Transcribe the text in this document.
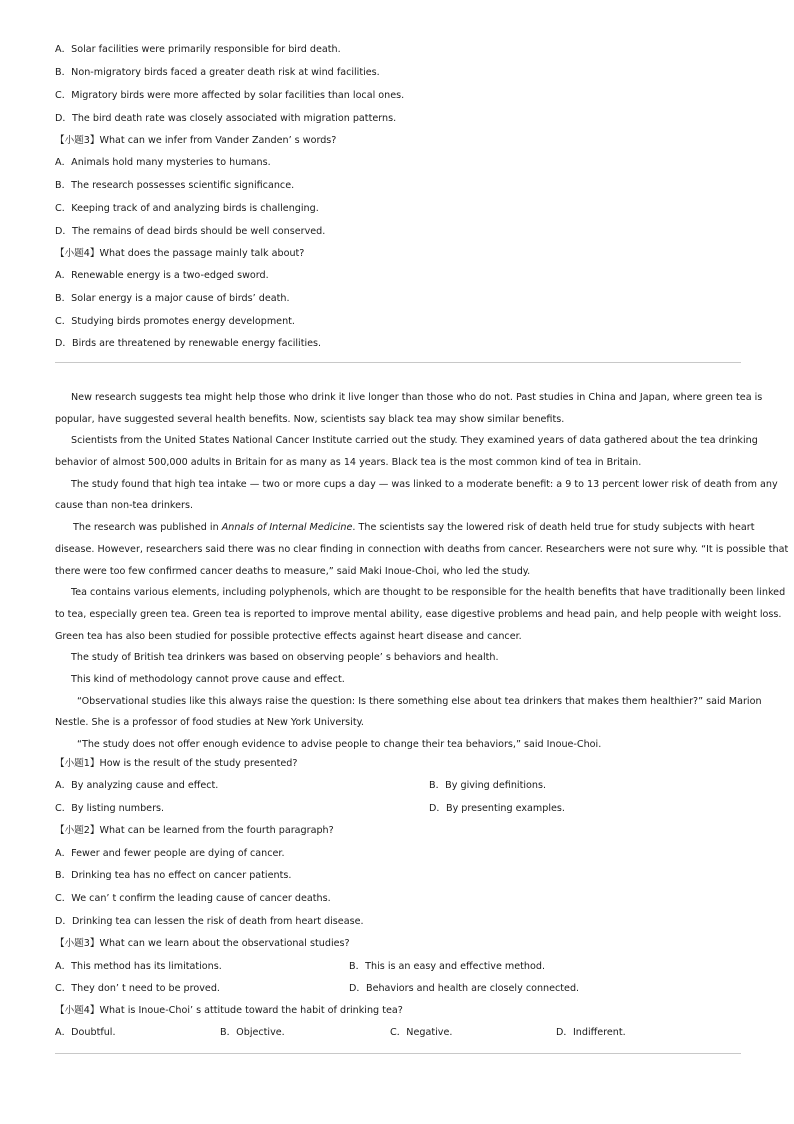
A．Solar facilities were primarily responsible for bird death.
B．Non-migratory birds faced a greater death risk at wind facilities.
C．Migratory birds were more affected by solar facilities than local ones.
D．The bird death rate was closely associated with migration patterns.
【小题3】What can we infer from Vander Zanden’ s words?
A．Animals hold many mysteries to humans.
B．The research possesses scientific significance.
C．Keeping track of and analyzing birds is challenging.
D．The remains of dead birds should be well conserved.
【小题4】What does the passage mainly talk about?
A．Renewable energy is a two-edged sword.
B．Solar energy is a major cause of birds’ death.
C．Studying birds promotes energy development.
D．Birds are threatened by renewable energy facilities.
New research suggests tea might help those who drink it live longer than those who do not. Past studies in China and Japan, where green tea is
popular, have suggested several health benefits. Now, scientists say black tea may show similar benefits.
Scientists from the United States National Cancer Institute carried out the study. They examined years of data gathered about the tea drinking
behavior of almost 500,000 adults in Britain for as many as 14 years. Black tea is the most common kind of tea in Britain.
The study found that high tea intake — two or more cups a day — was linked to a moderate benefit: a 9 to 13 percent lower risk of death from any
cause than non-tea drinkers.
The research was published in Annals of Internal Medicine. The scientists say the lowered risk of death held true for study subjects with heart
disease. However, researchers said there was no clear finding in connection with deaths from cancer. Researchers were not sure why. “It is possible that
there were too few confirmed cancer deaths to measure,” said Maki Inoue-Choi, who led the study.
Tea contains various elements, including polyphenols, which are thought to be responsible for the health benefits that have traditionally been linked
to tea, especially green tea. Green tea is reported to improve mental ability, ease digestive problems and head pain, and help people with weight loss.
Green tea has also been studied for possible protective effects against heart disease and cancer.
The study of British tea drinkers was based on observing people’ s behaviors and health.
This kind of methodology cannot prove cause and effect.
“Observational studies like this always raise the question: Is there something else about tea drinkers that makes them healthier?” said Marion
Nestle. She is a professor of food studies at New York University.
“The study does not offer enough evidence to advise people to change their tea behaviors,” said Inoue-Choi.
【小题1】How is the result of the study presented?
A．By analyzing cause and effect.	B．By giving definitions.
C．By listing numbers.	D．By presenting examples.
【小题2】What can be learned from the fourth paragraph?
A．Fewer and fewer people are dying of cancer.
B．Drinking tea has no effect on cancer patients.
C．We can’ t confirm the leading cause of cancer deaths.
D．Drinking tea can lessen the risk of death from heart disease.
【小题3】What can we learn about the observational studies?
A．This method has its limitations.	B．This is an easy and effective method.
C．They don’ t need to be proved.	D．Behaviors and health are closely connected.
【小题4】What is Inoue-Choi’ s attitude toward the habit of drinking tea?
A．Doubtful.	B．Objective.	C．Negative.	D．Indifferent.
